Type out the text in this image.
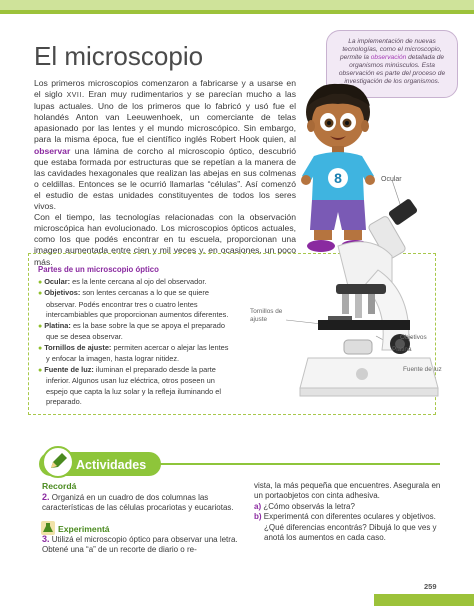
El microscopio
Los primeros microscopios comenzaron a fabricarse y a usarse en el siglo XVII. Eran muy rudimentarios y se parecían mucho a las lupas actuales. Uno de los primeros que lo fabricó y usó fue el holandés Anton van Leeuwenhoek, un comerciante de telas apasionado por las lentes y el mundo microscópico. Sin embargo, para la misma época, fue el científico inglés Robert Hook quien, al observar una lámina de corcho al microscopio óptico, descubrió que estaba formada por estructuras que se repetían a la manera de las cavidades hexagonales que realizan las abejas en sus colmenas o celdillas. Entonces se le ocurrió llamarlas “células”. Así comenzó el estudio de estas unidades constituyentes de todos los seres vivos.

Con el tiempo, las tecnologías relacionadas con la observación microscópica han evolucionado. Los microscopios ópticos actuales, como los que podés encontrar en tu escuela, proporcionan una imagen aumentada entre cien y mil veces y, en ocasiones, un poco más.
La implementación de nuevas tecnologías, como el microscopio, permite la observación detallada de organismos minúsculos. Esta observación es parte del proceso de investigación de los organismos.
8	Ocular
Partes de un microscopio óptico

● Ocular: es la lente cercana al ojo del observador.

● Objetivos: son lentes cercanas a lo que se quiere observar. Podés encontrar tres o cuatro lentes intercambiables que proporcionan aumentos diferentes.

● Platina: es la base sobre la que se apoya el preparado que se desea observar.

● Tornillos de ajuste: permiten acercar o alejar las lentes y enfocar la imagen, hasta lograr nitidez.

● Fuente de luz: iluminan el preparado desde la parte inferior. Algunos usan luz eléctrica, otros poseen un espejo que capta la luz solar y la refleja iluminando el preparado.

Tornillos de ajuste
Objetivos
Platina
Fuente de luz
Actividades
Recordá
2. Organizá en un cuadro de dos columnas las características de las células procariotas y eucariotas.
Experimentá
3. Utilizá el microscopio óptico para observar una letra. Obtené una “a” de un recorte de diario o re-
vista, la más pequeña que encuentres. Asegurala en un portaobjetos con cinta adhesiva.
a) ¿Cómo observás la letra?
b) Experimentá con diferentes oculares y objetivos. ¿Qué diferencias encontrás? Dibujá lo que ves y anotá los aumentos en cada caso.
259
